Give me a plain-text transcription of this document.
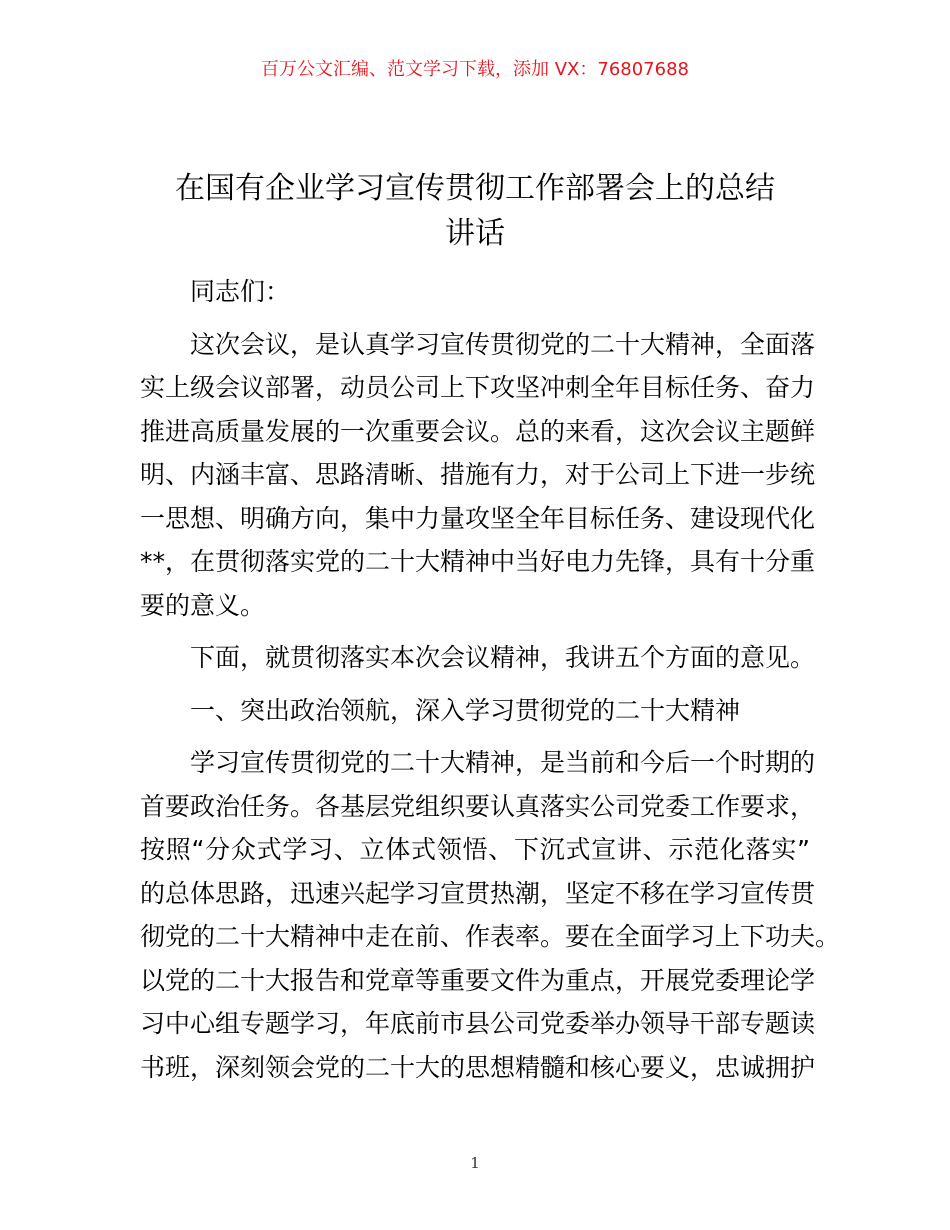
百万公文汇编、范文学习下载，添加 VX：76807688
在国有企业学习宣传贯彻工作部署会上的总结
讲话
同志们：
这次会议，是认真学习宣传贯彻党的二十大精神，全面落
实上级会议部署，动员公司上下攻坚冲刺全年目标任务、奋力
推进高质量发展的一次重要会议。总的来看，这次会议主题鲜
明、内涵丰富、思路清晰、措施有力，对于公司上下进一步统
一思想、明确方向，集中力量攻坚全年目标任务、建设现代化
**，在贯彻落实党的二十大精神中当好电力先锋，具有十分重
要的意义。
下面，就贯彻落实本次会议精神，我讲五个方面的意见。
一、突出政治领航，深入学习贯彻党的二十大精神
学习宣传贯彻党的二十大精神，是当前和今后一个时期的
首要政治任务。各基层党组织要认真落实公司党委工作要求，
按照“分众式学习、立体式领悟、下沉式宣讲、示范化落实”
的总体思路，迅速兴起学习宣贯热潮，坚定不移在学习宣传贯
彻党的二十大精神中走在前、作表率。要在全面学习上下功夫。
以党的二十大报告和党章等重要文件为重点，开展党委理论学
习中心组专题学习，年底前市县公司党委举办领导干部专题读
书班，深刻领会党的二十大的思想精髓和核心要义，忠诚拥护
1
